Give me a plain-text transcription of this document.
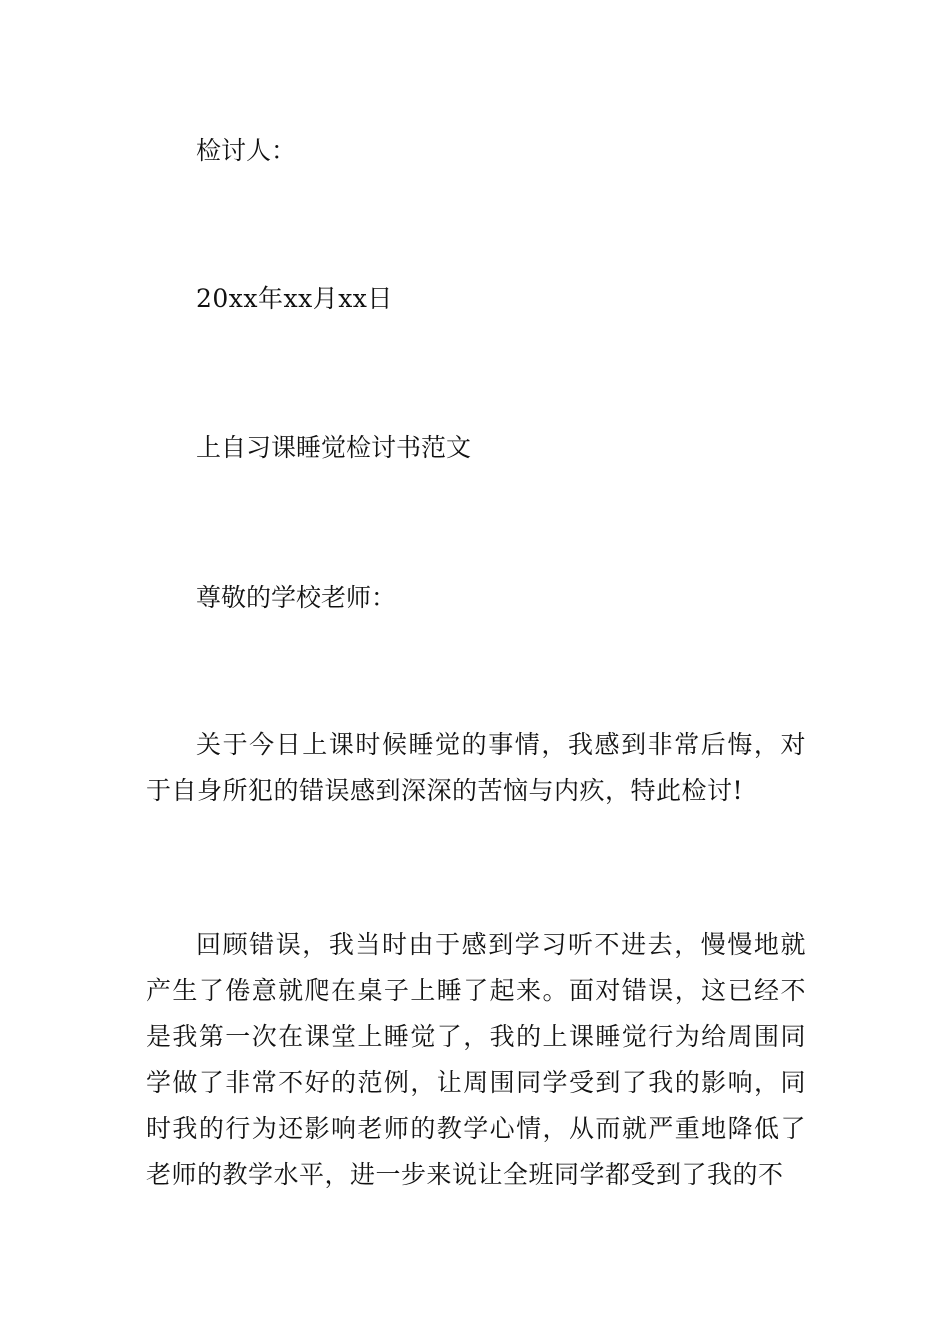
检讨人：
20xx年xx月xx日
上自习课睡觉检讨书范文
尊敬的学校老师：
关于今日上课时候睡觉的事情，我感到非常后悔，对于自身所犯的错误感到深深的苦恼与内疚，特此检讨!
回顾错误，我当时由于感到学习听不进去，慢慢地就产生了倦意就爬在桌子上睡了起来。面对错误，这已经不是我第一次在课堂上睡觉了，我的上课睡觉行为给周围同学做了非常不好的范例，让周围同学受到了我的影响，同时我的行为还影响老师的教学心情，从而就严重地降低了老师的教学水平，进一步来说让全班同学都受到了我的不
